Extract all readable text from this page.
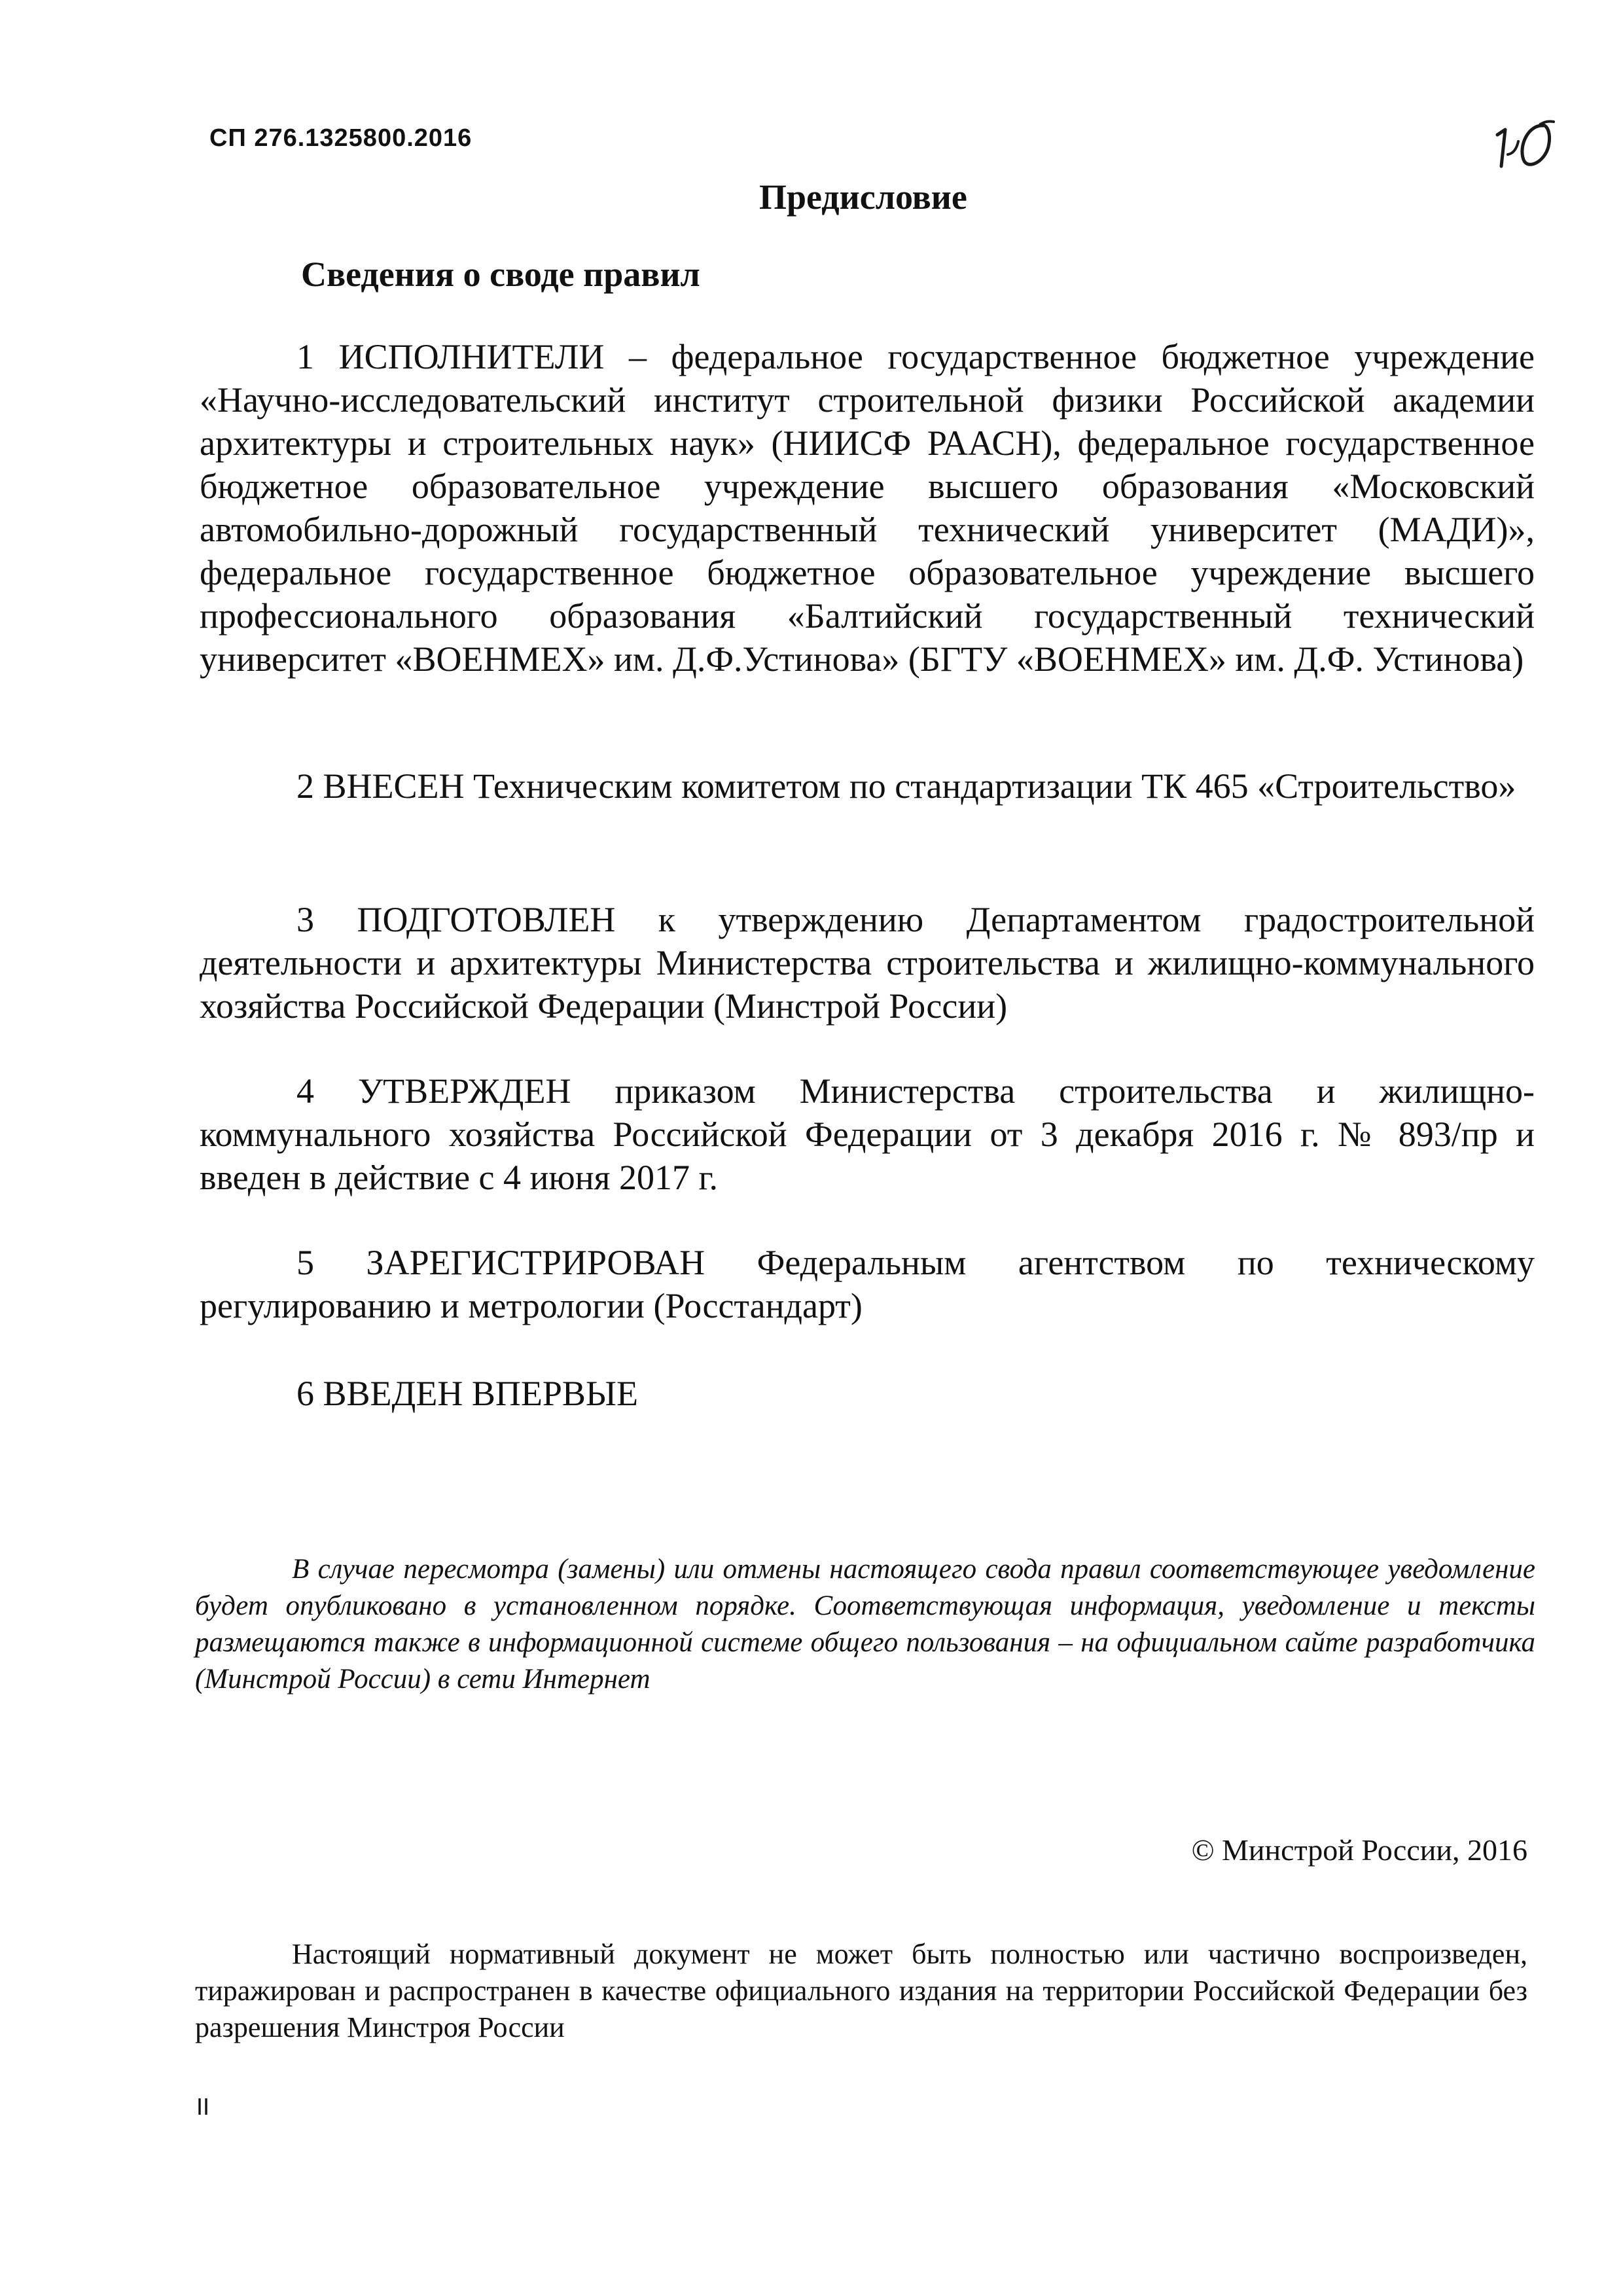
СП 276.1325800.2016
Предисловие
Сведения о своде правил

1 ИСПОЛНИТЕЛИ – федеральное государственное бюджетное учреждение «Научно-исследовательский институт строительной физики Российской академии архитектуры и строительных наук» (НИИСФ РААСН), федеральное государственное бюджетное образовательное учреждение высшего образования «Московский автомобильно-дорожный государственный технический университет (МАДИ)», федеральное государственное бюджетное образовательное учреждение высшего профессионального образования «Балтийский государственный технический университет «ВОЕНМЕХ» им. Д.Ф.Устинова» (БГТУ «ВОЕНМЕХ» им. Д.Ф. Устинова)

2 ВНЕСЕН Техническим комитетом по стандартизации ТК 465 «Строительство»

3 ПОДГОТОВЛЕН к утверждению Департаментом градостроительной деятельности и архитектуры Министерства строительства и жилищно-коммунального хозяйства Российской Федерации (Минстрой России)

4 УТВЕРЖДЕН приказом Министерства строительства и жилищно-коммунального хозяйства Российской Федерации от 3 декабря 2016 г. № 893/пр и введен в действие с 4 июня 2017 г.

5 ЗАРЕГИСТРИРОВАН Федеральным агентством по техническому регулированию и метрологии (Росстандарт)

6 ВВЕДЕН ВПЕРВЫЕ

В случае пересмотра (замены) или отмены настоящего свода правил соответствующее уведомление будет опубликовано в установленном порядке. Соответствующая информация, уведомление и тексты размещаются также в информационной системе общего пользования – на официальном сайте разработчика (Минстрой России) в сети Интернет

© Минстрой России, 2016

Настоящий нормативный документ не может быть полностью или частично воспроизведен, тиражирован и распространен в качестве официального издания на территории Российской Федерации без разрешения Минстроя России

II
